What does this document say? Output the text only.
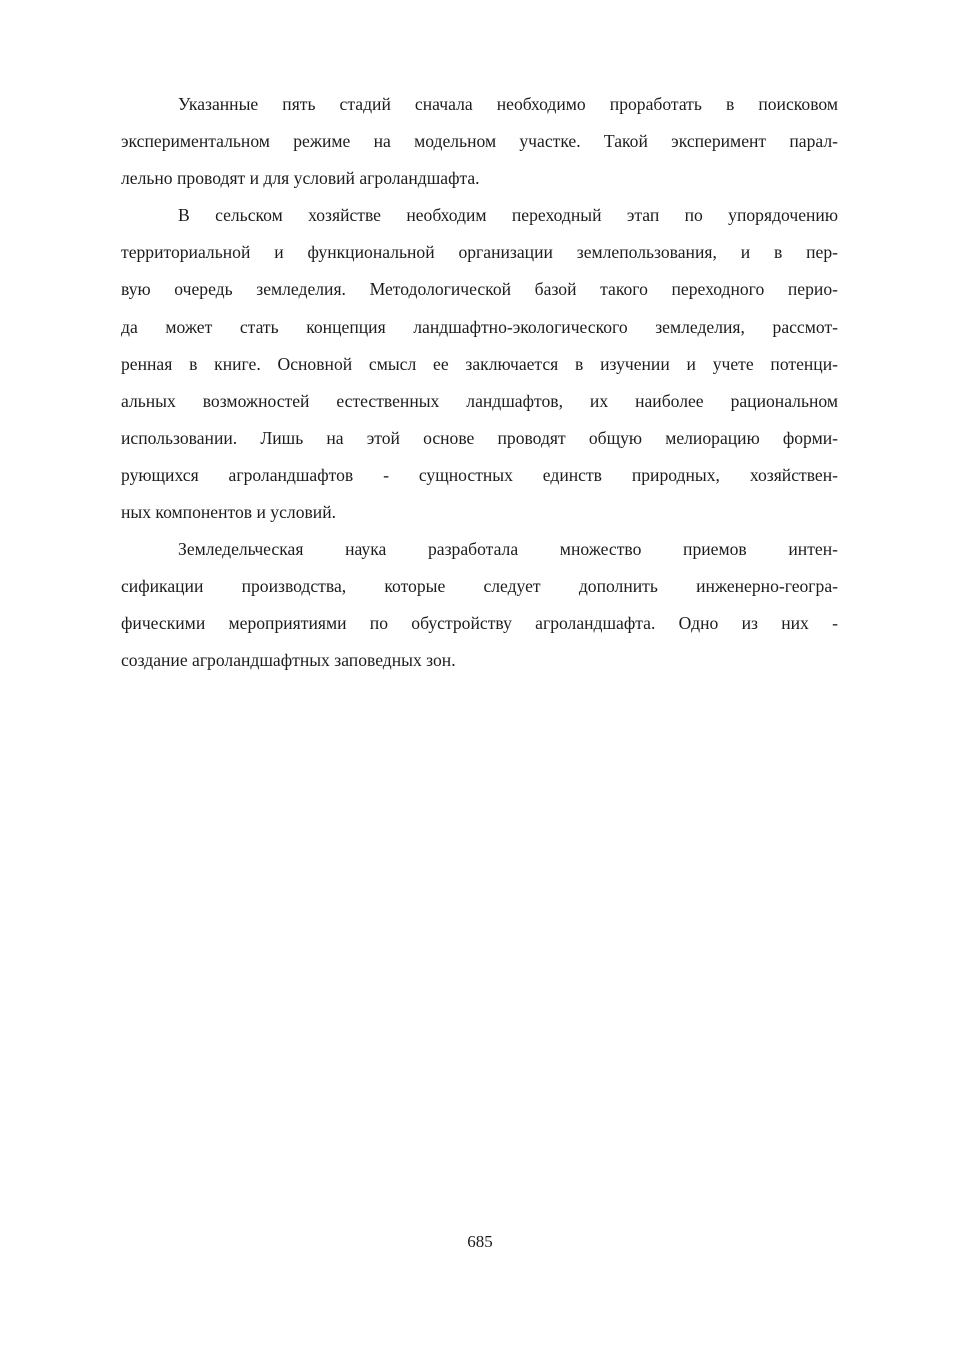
Указанные пять стадий сначала необходимо проработать в поисковом
экспериментальном режиме на модельном участке. Такой эксперимент парал-
лельно проводят и для условий агроландшафта.
В сельском хозяйстве необходим переходный этап по упорядочению
территориальной и функциональной организации землепользования, и в пер-
вую очередь земледелия. Методологической базой такого переходного перио-
да может стать концепция ландшафтно-экологического земледелия, рассмот-
ренная в книге. Основной смысл ее заключается в изучении и учете потенци-
альных возможностей естественных ландшафтов, их наиболее рациональном
использовании. Лишь на этой основе проводят общую мелиорацию форми-
рующихся агроландшафтов - сущностных единств природных, хозяйствен-
ных компонентов и условий.
Земледельческая наука разработала множество приемов интен-
сификации производства, которые следует дополнить инженерно-геогра-
фическими мероприятиями по обустройству агроландшафта. Одно из них -
создание агроландшафтных заповедных зон.
685
